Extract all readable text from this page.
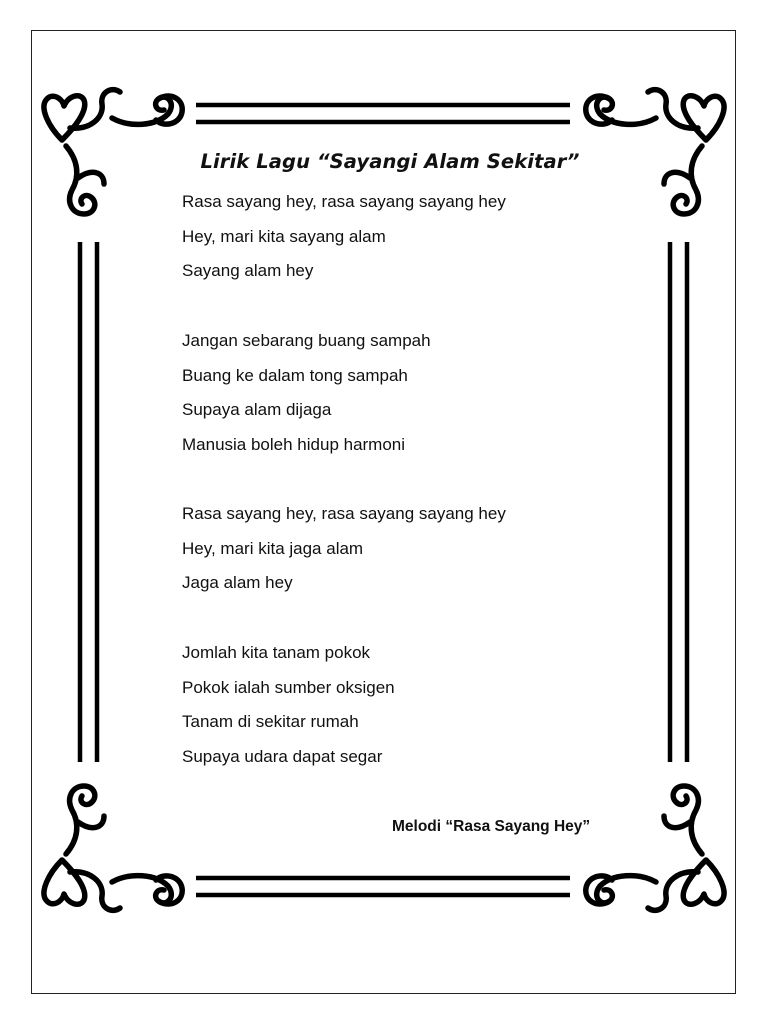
Lirik Lagu “Sayangi Alam Sekitar”
Rasa sayang hey, rasa sayang sayang hey
Hey, mari kita sayang alam
Sayang alam hey
Jangan sebarang buang sampah
Buang ke dalam tong sampah
Supaya alam dijaga
Manusia boleh hidup harmoni
Rasa sayang hey, rasa sayang sayang hey
Hey, mari kita jaga alam
Jaga alam hey
Jomlah kita tanam pokok
Pokok ialah sumber oksigen
Tanam di sekitar rumah
Supaya udara dapat segar
Melodi “Rasa Sayang Hey”
